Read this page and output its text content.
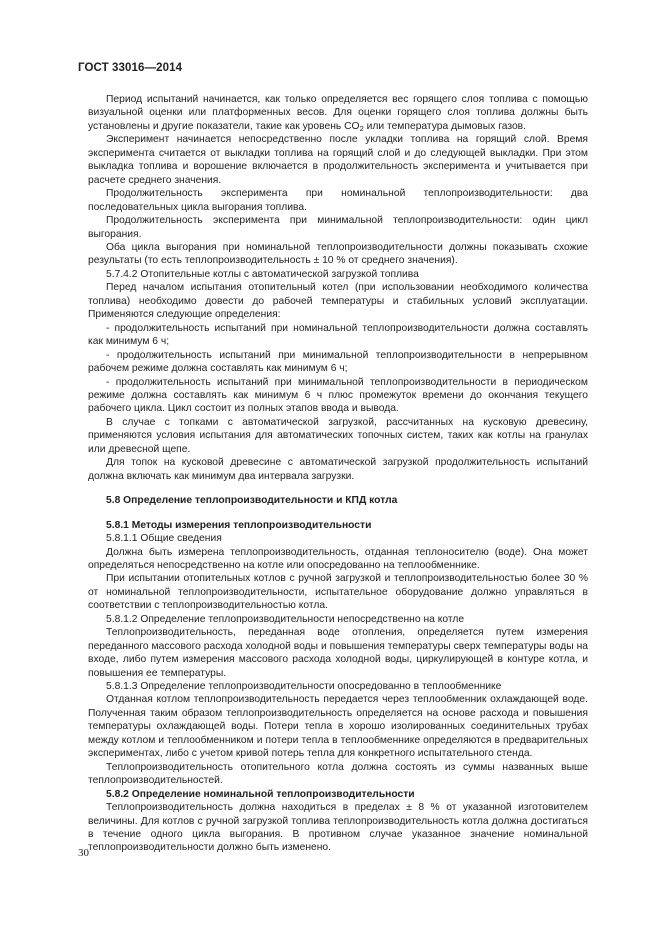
ГОСТ 33016—2014

Период испытаний начинается, как только определяется вес горящего слоя топлива с помощью визуальной оценки или платформенных весов. Для оценки горящего слоя топлива должны быть установлены и другие показатели, такие как уровень $CO_2$ или температура дымовых газов.

Эксперимент начинается непосредственно после укладки топлива на горящий слой. Время эксперимента считается от выкладки топлива на горящий слой и до следующей выкладки. При этом выкладка топлива и ворошение включается в продолжительность эксперимента и учитывается при расчете среднего значения.

Продолжительность эксперимента при номинальной теплопроизводительности: два последовательных цикла выгорания топлива.

Продолжительность эксперимента при минимальной теплопроизводительности: один цикл выгорания.

Оба цикла выгорания при номинальной теплопроизводительности должны показывать схожие результаты (то есть теплопроизводительность ± 10 % от среднего значения).

5.7.4.2 Отопительные котлы с автоматической загрузкой топлива

Перед началом испытания отопительный котел (при использовании необходимого количества топлива) необходимо довести до рабочей температуры и стабильных условий эксплуатации. Применяются следующие определения:

- продолжительность испытаний при номинальной теплопроизводительности должна составлять как минимум 6 ч;

- продолжительность испытаний при минимальной теплопроизводительности в непрерывном рабочем режиме должна составлять как минимум 6 ч;

- продолжительность испытаний при минимальной теплопроизводительности в периодическом режиме должна составлять как минимум 6 ч плюс промежуток времени до окончания текущего рабочего цикла. Цикл состоит из полных этапов ввода и вывода.

В случае с топками с автоматической загрузкой, рассчитанных на кусковую древесину, применяются условия испытания для автоматических топочных систем, таких как котлы на гранулах или древесной щепе.

Для топок на кусковой древесине с автоматической загрузкой продолжительность испытаний должна включать как минимум два интервала загрузки.

5.8 Определение теплопроизводительности и КПД котла

5.8.1 Методы измерения теплопроизводительности

5.8.1.1 Общие сведения

Должна быть измерена теплопроизводительность, отданная теплоносителю (воде). Она может определяться непосредственно на котле или опосредованно на теплообменнике.

При испытании отопительных котлов с ручной загрузкой и теплопроизводительностью более 30 % от номинальной теплопроизводительности, испытательное оборудование должно управляться в соответствии с теплопроизводительностью котла.

5.8.1.2 Определение теплопроизводительности непосредственно на котле

Теплопроизводительность, переданная воде отопления, определяется путем измерения переданного массового расхода холодной воды и повышения температуры сверх температуры воды на входе, либо путем измерения массового расхода холодной воды, циркулирующей в контуре котла, и повышения ее температуры.

5.8.1.3 Определение теплопроизводительности опосредованно в теплообменнике

Отданная котлом теплопроизводительность передается через теплообменник охлаждающей воде. Полученная таким образом теплопроизводительность определяется на основе расхода и повышения температуры охлаждающей воды. Потери тепла в хорошо изолированных соединительных трубах между котлом и теплообменником и потери тепла в теплообменнике определяются в предварительных экспериментах, либо с учетом кривой потерь тепла для конкретного испытательного стенда.

Теплопроизводительность отопительного котла должна состоять из суммы названных выше теплопроизводительностей.

5.8.2 Определение номинальной теплопроизводительности

Теплопроизводительность должна находиться в пределах ± 8 % от указанной изготовителем величины. Для котлов с ручной загрузкой топлива теплопроизводительность котла должна достигаться в течение одного цикла выгорания. В противном случае указанное значение номинальной теплопроизводительности должно быть изменено.

30
